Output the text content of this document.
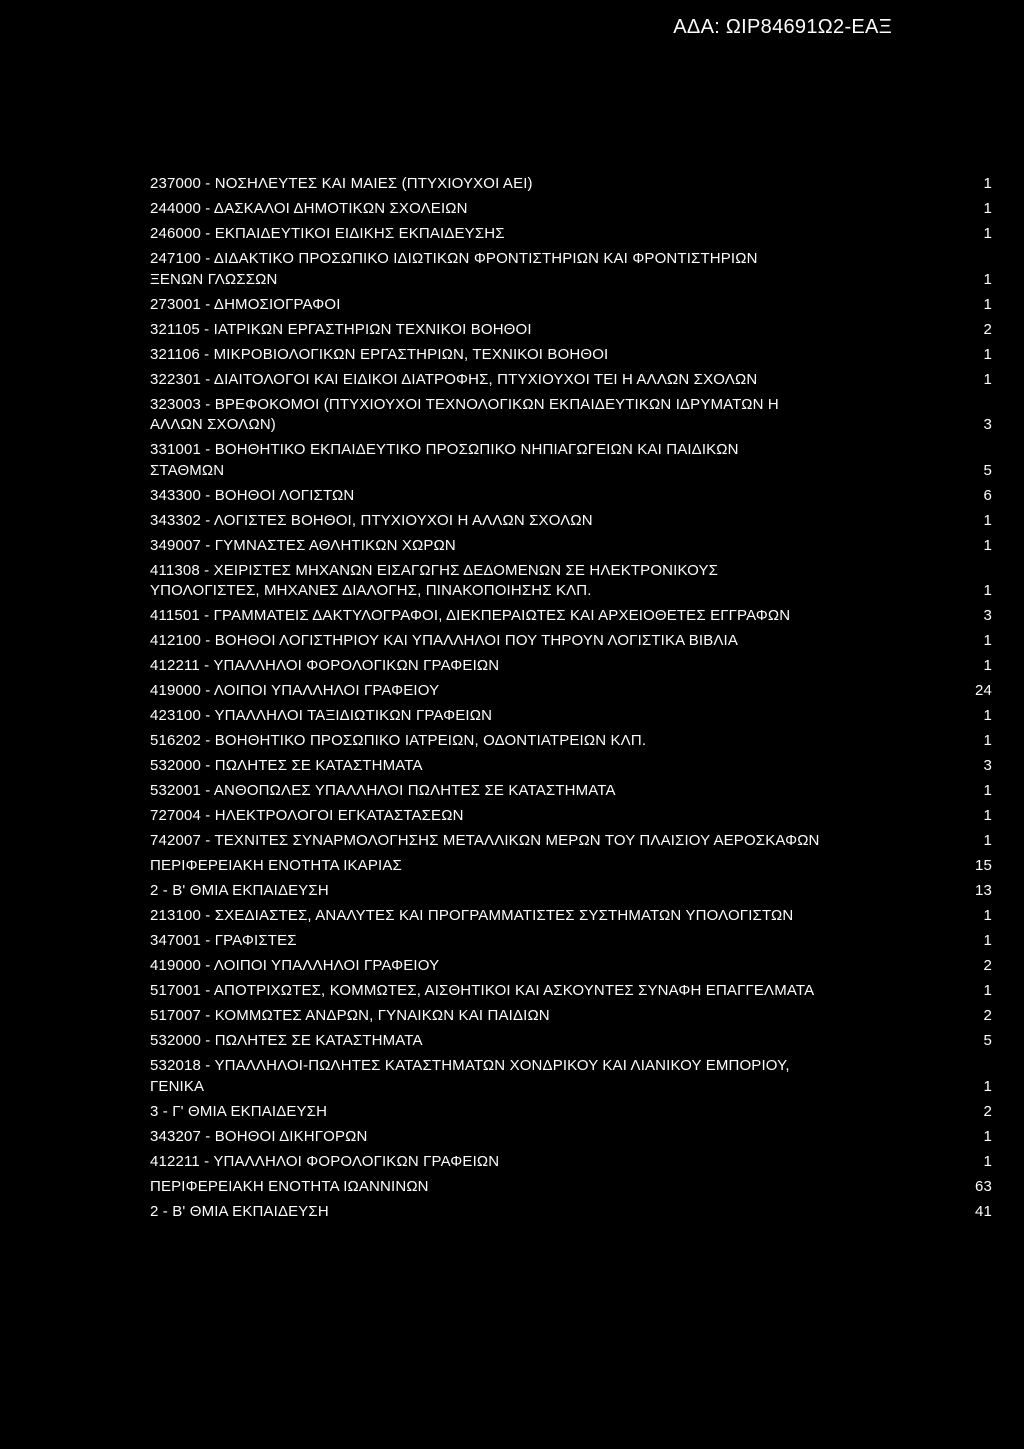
ΑΔΑ: ΩΙΡ84691Ω2-ΕΑΞ
237000 - ΝΟΣΗΛΕΥΤΕΣ ΚΑΙ ΜΑΙΕΣ (ΠΤΥΧΙΟΥΧΟΙ ΑΕΙ)	1
244000 - ΔΑΣΚΑΛΟΙ ΔΗΜΟΤΙΚΩΝ ΣΧΟΛΕΙΩΝ	1
246000 - ΕΚΠΑΙΔΕΥΤΙΚΟΙ ΕΙΔΙΚΗΣ ΕΚΠΑΙΔΕΥΣΗΣ	1
247100 - ΔΙΔΑΚΤΙΚΟ ΠΡΟΣΩΠΙΚΟ ΙΔΙΩΤΙΚΩΝ ΦΡΟΝΤΙΣΤΗΡΙΩΝ ΚΑΙ ΦΡΟΝΤΙΣΤΗΡΙΩΝ
ΞΕΝΩΝ ΓΛΩΣΣΩΝ	1
273001 - ΔΗΜΟΣΙΟΓΡΑΦΟΙ	1
321105 - ΙΑΤΡΙΚΩΝ ΕΡΓΑΣΤΗΡΙΩΝ ΤΕΧΝΙΚΟΙ ΒΟΗΘΟΙ	2
321106 - ΜΙΚΡΟΒΙΟΛΟΓΙΚΩΝ ΕΡΓΑΣΤΗΡΙΩΝ, ΤΕΧΝΙΚΟΙ ΒΟΗΘΟΙ	1
322301 - ΔΙΑΙΤΟΛΟΓΟΙ ΚΑΙ ΕΙΔΙΚΟΙ ΔΙΑΤΡΟΦΗΣ, ΠΤΥΧΙΟΥΧΟΙ ΤΕΙ Η ΑΛΛΩΝ ΣΧΟΛΩΝ	1
323003 - ΒΡΕΦΟΚΟΜΟΙ (ΠΤΥΧΙΟΥΧΟΙ ΤΕΧΝΟΛΟΓΙΚΩΝ ΕΚΠΑΙΔΕΥΤΙΚΩΝ ΙΔΡΥΜΑΤΩΝ Η
ΑΛΛΩΝ ΣΧΟΛΩΝ)	3
331001 - ΒΟΗΘΗΤΙΚΟ ΕΚΠΑΙΔΕΥΤΙΚΟ ΠΡΟΣΩΠΙΚΟ ΝΗΠΙΑΓΩΓΕΙΩΝ ΚΑΙ ΠΑΙΔΙΚΩΝ
ΣΤΑΘΜΩΝ	5
343300 - ΒΟΗΘΟΙ ΛΟΓΙΣΤΩΝ	6
343302 - ΛΟΓΙΣΤΕΣ ΒΟΗΘΟΙ, ΠΤΥΧΙΟΥΧΟΙ Η ΑΛΛΩΝ ΣΧΟΛΩΝ	1
349007 - ΓΥΜΝΑΣΤΕΣ ΑΘΛΗΤΙΚΩΝ ΧΩΡΩΝ	1
411308 - ΧΕΙΡΙΣΤΕΣ ΜΗΧΑΝΩΝ ΕΙΣΑΓΩΓΗΣ ΔΕΔΟΜΕΝΩΝ ΣΕ ΗΛΕΚΤΡΟΝΙΚΟΥΣ
ΥΠΟΛΟΓΙΣΤΕΣ, ΜΗΧΑΝΕΣ ΔΙΑΛΟΓΗΣ, ΠΙΝΑΚΟΠΟΙΗΣΗΣ ΚΛΠ.	1
411501 - ΓΡΑΜΜΑΤΕΙΣ ΔΑΚΤΥΛΟΓΡΑΦΟΙ, ΔΙΕΚΠΕΡΑΙΩΤΕΣ ΚΑΙ ΑΡΧΕΙΟΘΕΤΕΣ ΕΓΓΡΑΦΩΝ	3
412100 - ΒΟΗΘΟΙ ΛΟΓΙΣΤΗΡΙΟΥ ΚΑΙ ΥΠΑΛΛΗΛΟΙ ΠΟΥ ΤΗΡΟΥΝ ΛΟΓΙΣΤΙΚΑ ΒΙΒΛΙΑ	1
412211 - ΥΠΑΛΛΗΛΟΙ ΦΟΡΟΛΟΓΙΚΩΝ ΓΡΑΦΕΙΩΝ	1
419000 - ΛΟΙΠΟΙ ΥΠΑΛΛΗΛΟΙ ΓΡΑΦΕΙΟΥ	24
423100 - ΥΠΑΛΛΗΛΟΙ ΤΑΞΙΔΙΩΤΙΚΩΝ ΓΡΑΦΕΙΩΝ	1
516202 - ΒΟΗΘΗΤΙΚΟ ΠΡΟΣΩΠΙΚΟ ΙΑΤΡΕΙΩΝ, ΟΔΟΝΤΙΑΤΡΕΙΩΝ ΚΛΠ.	1
532000 - ΠΩΛΗΤΕΣ ΣΕ ΚΑΤΑΣΤΗΜΑΤΑ	3
532001 - ΑΝΘΟΠΩΛΕΣ ΥΠΑΛΛΗΛΟΙ ΠΩΛΗΤΕΣ ΣΕ ΚΑΤΑΣΤΗΜΑΤΑ	1
727004 - ΗΛΕΚΤΡΟΛΟΓΟΙ ΕΓΚΑΤΑΣΤΑΣΕΩΝ	1
742007 - ΤΕΧΝΙΤΕΣ ΣΥΝΑΡΜΟΛΟΓΗΣΗΣ ΜΕΤΑΛΛΙΚΩΝ ΜΕΡΩΝ ΤΟΥ ΠΛΑΙΣΙΟΥ ΑΕΡΟΣΚΑΦΩΝ	1
ΠΕΡΙΦΕΡΕΙΑΚΗ ΕΝΟΤΗΤΑ ΙΚΑΡΙΑΣ	15
2 - Β' ΘΜΙΑ ΕΚΠΑΙΔΕΥΣΗ	13
213100 - ΣΧΕΔΙΑΣΤΕΣ, ΑΝΑΛΥΤΕΣ ΚΑΙ ΠΡΟΓΡΑΜΜΑΤΙΣΤΕΣ ΣΥΣΤΗΜΑΤΩΝ ΥΠΟΛΟΓΙΣΤΩΝ	1
347001 - ΓΡΑΦΙΣΤΕΣ	1
419000 - ΛΟΙΠΟΙ ΥΠΑΛΛΗΛΟΙ ΓΡΑΦΕΙΟΥ	2
517001 - ΑΠΟΤΡΙΧΩΤΕΣ, ΚΟΜΜΩΤΕΣ, ΑΙΣΘΗΤΙΚΟΙ ΚΑΙ ΑΣΚΟΥΝΤΕΣ ΣΥΝΑΦΗ ΕΠΑΓΓΕΛΜΑΤΑ	1
517007 - ΚΟΜΜΩΤΕΣ ΑΝΔΡΩΝ, ΓΥΝΑΙΚΩΝ ΚΑΙ ΠΑΙΔΙΩΝ	2
532000 - ΠΩΛΗΤΕΣ ΣΕ ΚΑΤΑΣΤΗΜΑΤΑ	5
532018 - ΥΠΑΛΛΗΛΟΙ-ΠΩΛΗΤΕΣ ΚΑΤΑΣΤΗΜΑΤΩΝ ΧΟΝΔΡΙΚΟΥ ΚΑΙ ΛΙΑΝΙΚΟΥ ΕΜΠΟΡΙΟΥ,
ΓΕΝΙΚΑ	1
3 - Γ' ΘΜΙΑ ΕΚΠΑΙΔΕΥΣΗ	2
343207 - ΒΟΗΘΟΙ ΔΙΚΗΓΟΡΩΝ	1
412211 - ΥΠΑΛΛΗΛΟΙ ΦΟΡΟΛΟΓΙΚΩΝ ΓΡΑΦΕΙΩΝ	1
ΠΕΡΙΦΕΡΕΙΑΚΗ ΕΝΟΤΗΤΑ ΙΩΑΝΝΙΝΩΝ	63
2 - Β' ΘΜΙΑ ΕΚΠΑΙΔΕΥΣΗ	41
